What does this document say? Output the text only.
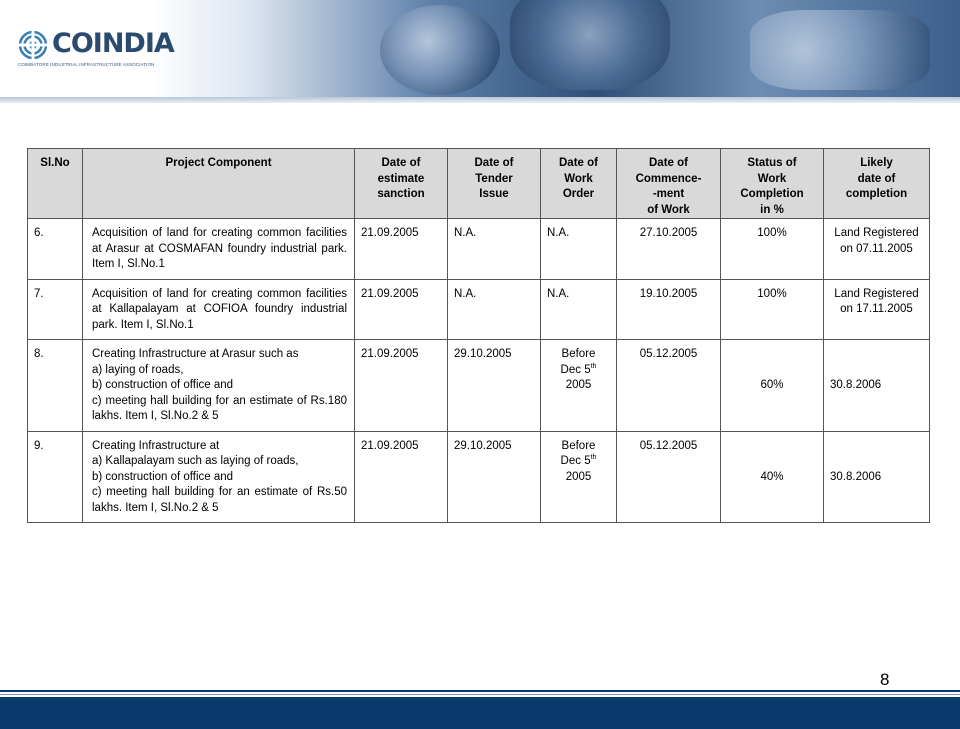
COINDIA
COIMBATORE INDUSTRIAL INFRASTRUCTURE ASSOCIATION
Sl.No	Project Component	Date of
estimate
sanction	Date of
Tender
Issue	Date of
Work
Order	Date of
Commence-
-ment
of Work	Status of
Work
Completion
in %	Likely
date of
completion
6.	Acquisition of land for creating common facilities at Arasur at COSMAFAN foundry industrial park. Item I, Sl.No.1	21.09.2005	N.A.	N.A.	27.10.2005	100%	Land Registered on 07.11.2005
7.	Acquisition of land for creating common facilities at Kallapalayam at COFIOA foundry industrial park. Item I, Sl.No.1	21.09.2005	N.A.	N.A.	19.10.2005	100%	Land Registered on 17.11.2005
8.	Creating Infrastructure at Arasur such as
a) laying of roads,
b) construction of office and
c) meeting hall building for an estimate of Rs.180 lakhs. Item I, Sl.No.2 & 5	21.09.2005	29.10.2005	Before
Dec 5th
2005	05.12.2005	60%	30.8.2006
9.	Creating Infrastructure at
a) Kallapalayam such as laying of roads,
b) construction of office and
c) meeting hall building for an estimate of Rs.50 lakhs. Item I, Sl.No.2 & 5	21.09.2005	29.10.2005	Before
Dec 5th
2005	05.12.2005	40%	30.8.2006
8
